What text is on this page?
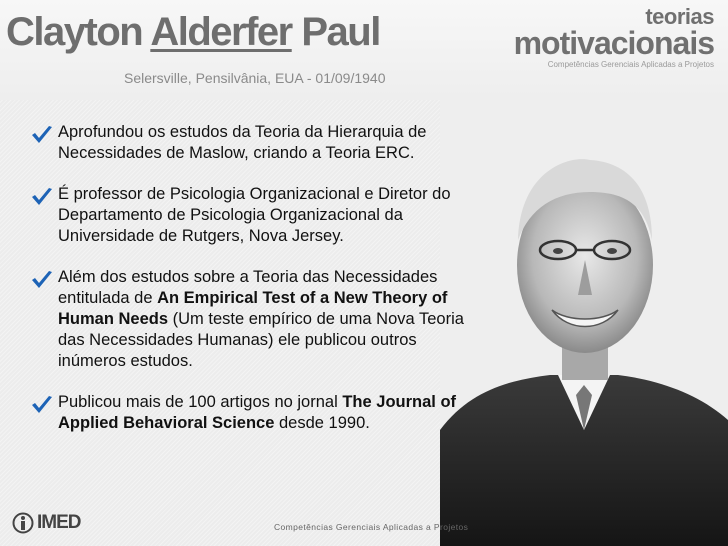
Clayton Alderfer Paul
Selersville, Pensilvânia, EUA - 01/09/1940
teorias
motivacionais
Competências Gerenciais Aplicadas a Projetos

Aprofundou os estudos da Teoria da Hierarquia de Necessidades de Maslow, criando a Teoria ERC.

É professor de Psicologia Organizacional e Diretor do Departamento de Psicologia Organizacional da Universidade de Rutgers, Nova Jersey.

Além dos estudos sobre a Teoria das Necessidades entitulada de An Empirical Test of a New Theory of Human Needs (Um teste empírico de uma Nova Teoria das Necessidades Humanas) ele publicou outros inúmeros estudos.

Publicou mais de 100 artigos no jornal The Journal of Applied Behavioral Science desde 1990.

IMED	Competências Gerenciais Aplicadas a Projetos
